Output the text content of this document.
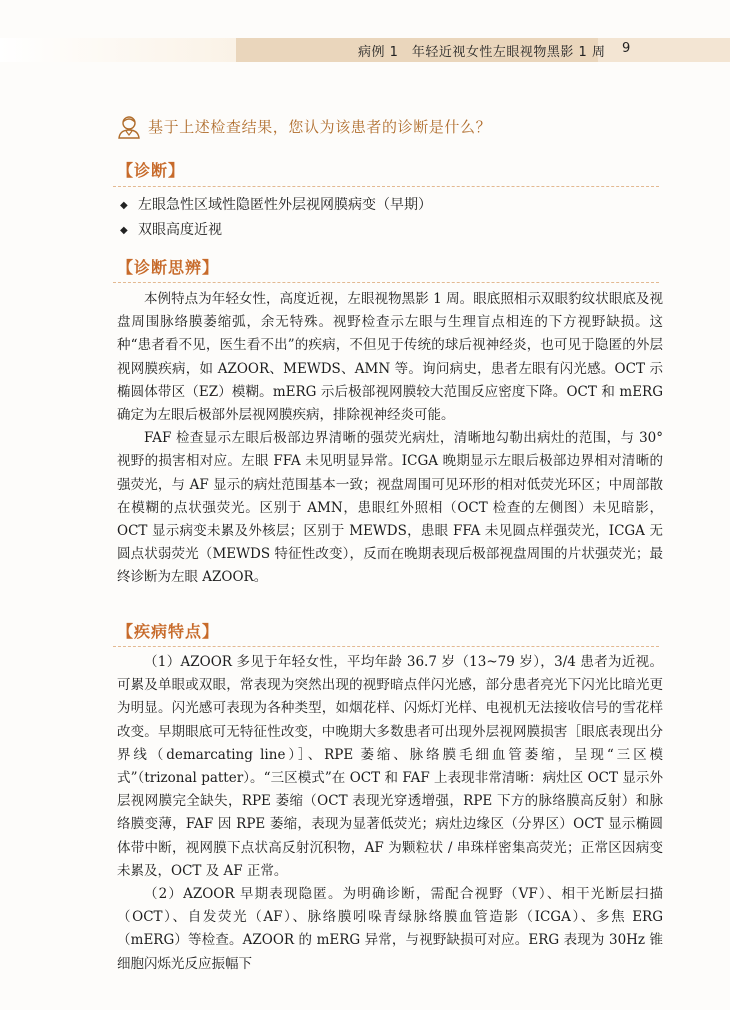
病例 1　年轻近视女性左眼视物黑影 1 周 9
基于上述检查结果，您认为该患者的诊断是什么？
【诊断】
◆ 左眼急性区域性隐匿性外层视网膜病变（早期）
◆ 双眼高度近视
【诊断思辨】

本例特点为年轻女性，高度近视，左眼视物黑影 1 周。眼底照相示双眼豹纹状眼底及视盘周围脉络膜萎缩弧，余无特殊。视野检查示左眼与生理盲点相连的下方视野缺损。这种“患者看不见，医生看不出”的疾病，不但见于传统的球后视神经炎，也可见于隐匿的外层视网膜疾病，如 AZOOR、MEWDS、AMN 等。询问病史，患者左眼有闪光感。OCT 示椭圆体带区（EZ）模糊。mERG 示后极部视网膜较大范围反应密度下降。OCT 和 mERG 确定为左眼后极部外层视网膜疾病，排除视神经炎可能。

FAF 检查显示左眼后极部边界清晰的强荧光病灶，清晰地勾勒出病灶的范围，与 30° 视野的损害相对应。左眼 FFA 未见明显异常。ICGA 晚期显示左眼后极部边界相对清晰的强荧光，与 AF 显示的病灶范围基本一致；视盘周围可见环形的相对低荧光环区；中周部散在模糊的点状强荧光。区别于 AMN，患眼红外照相（OCT 检查的左侧图）未见暗影，OCT 显示病变未累及外核层；区别于 MEWDS，患眼 FFA 未见圆点样强荧光，ICGA 无圆点状弱荧光（MEWDS 特征性改变），反而在晚期表现后极部视盘周围的片状强荧光；最终诊断为左眼 AZOOR。

【疾病特点】

（1）AZOOR 多见于年轻女性，平均年龄 36.7 岁（13~79 岁），3/4 患者为近视。可累及单眼或双眼，常表现为突然出现的视野暗点伴闪光感，部分患者亮光下闪光比暗光更为明显。闪光感可表现为各种类型，如烟花样、闪烁灯光样、电视机无法接收信号的雪花样改变。早期眼底可无特征性改变，中晚期大多数患者可出现外层视网膜损害［眼底表现出分界线（demarcating line）］、RPE 萎缩、脉络膜毛细血管萎缩，呈现“三区模式”（trizonal patter）。“三区模式”在 OCT 和 FAF 上表现非常清晰：病灶区 OCT 显示外层视网膜完全缺失，RPE 萎缩（OCT 表现光穿透增强，RPE 下方的脉络膜高反射）和脉络膜变薄，FAF 因 RPE 萎缩，表现为显著低荧光；病灶边缘区（分界区）OCT 显示椭圆体带中断，视网膜下点状高反射沉积物，AF 为颗粒状 / 串珠样密集高荧光；正常区因病变未累及，OCT 及 AF 正常。

（2）AZOOR 早期表现隐匿。为明确诊断，需配合视野（VF）、相干光断层扫描（OCT）、自发荧光（AF）、脉络膜吲哚青绿脉络膜血管造影（ICGA）、多焦 ERG（mERG）等检查。AZOOR 的 mERG 异常，与视野缺损可对应。ERG 表现为 30Hz 锥细胞闪烁光反应振幅下
